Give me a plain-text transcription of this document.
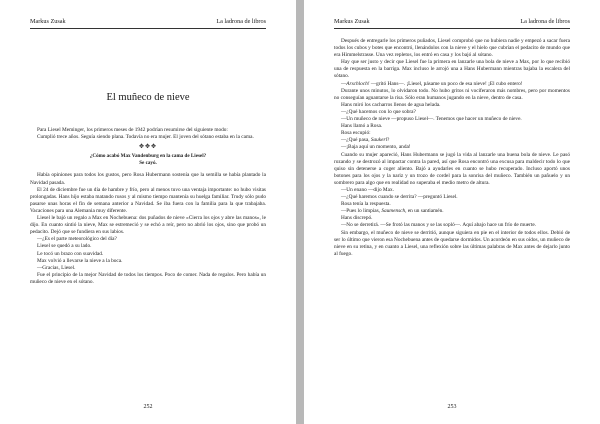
Markus Zusak	La ladrona de libros
El muñeco de nieve

Para Liesel Meminger, los primeros meses de 1942 podrían resumirse del siguiente modo:

Cumplió trece años. Seguía siendo plana. Todavía no era mujer. El joven del sótano estaba en la cama.

✥✥✥
¿Cómo acabó Max Vandenburg en la cama de Liesel?
Se cayó.

Había opiniones para todos los gustos, pero Rosa Hubermann sostenía que la semilla se había plantado la Navidad pasada.

El 24 de diciembre fue un día de hambre y frío, pero al menos tuvo una ventaja importante: no hubo visitas prolongadas. Hans hijo estaba matando rusos y al mismo tiempo mantenía su huelga familiar. Trudy sólo pudo pasarse unas horas el fin de semana anterior a Navidad. Se iba fuera con la familia para la que trabajaba. Vacaciones para una Alemania muy diferente.

Liesel le bajó un regalo a Max en Nochebuena: dos puñados de nieve «Cierra los ojos y abre las manos», le dijo. En cuanto sintió la nieve, Max se estremeció y se echó a reír, pero no abrió los ojos, sino que probó un pedacito. Dejó que se fundiera en sus labios.

—¿Es el parte meteorológico del día?

Liesel se quedó a su lado.

Le tocó un brazo con suavidad.

Max volvió a llevarse la nieve a la boca.

—Gracias, Liesel.

Fue el principio de la mejor Navidad de todos los tiempos. Poco de comer. Nada de regalos. Pero había un muñeco de nieve en el sótano.

252
Markus Zusak	La ladrona de libros

Después de entregarle los primeros puñados, Liesel comprobó que no hubiera nadie y empezó a sacar fuera todos los cubos y botes que encontró, llenándolos con la nieve y el hielo que cubrían el pedacito de mundo que era Himmelstrasse. Una vez repletos, los entró en casa y los bajó al sótano.

Hay que ser justo y decir que Liesel fue la primera en lanzarle una bola de nieve a Max, por lo que recibió una de respuesta en la barriga. Max incluso le arrojó una a Hans Hubermann mientras bajaba la escalera del sótano.

—Arschloch! —gritó Hans—. ¡Liesel, pásame un poco de esa nieve! ¡El cubo entero!

Durante unos minutos, lo olvidaron todo. No hubo gritos ni vociferaron más nombres, pero por momentos no conseguían aguantarse la risa. Sólo eran humanos jugando en la nieve, dentro de casa.

Hans miró los cacharros llenos de agua helada.

—¿Qué hacemos con lo que sobra?

—Un muñeco de nieve —propuso Liesel—. Tenemos que hacer un muñeco de nieve.

Hans llamó a Rosa.

Rosa escupió:

—¿Qué pasa, Saukerl?

—¡Baja aquí un momento, anda!

Cuando su mujer apareció, Hans Hubermann se jugó la vida al lanzarle una buena bola de nieve. Le pasó rozando y se destrozó al impactar contra la pared, así que Rosa encontró una excusa para maldecir todo lo que quiso sin detenerse a coger aliento. Bajó a ayudarles en cuanto se hubo recuperado. Incluso aportó unos botones para los ojos y la nariz y un trozo de cordel para la sonrisa del muñeco. También un pañuelo y un sombrero para algo que en realidad no superaba el medio metro de altura.

—Un enano —dijo Max.

—¿Qué haremos cuando se derrita? —preguntó Liesel.

Rosa tenía la respuesta.

—Pues lo limpias, Saumensch, en un santiamén.

Hans discrepó.

—No se derretirá. —Se frotó las manos y se las sopló—. Aquí abajo hace un frío de muerte.

Sin embargo, el muñeco de nieve se derritió, aunque siguiera en pie en el interior de todos ellos. Debió de ser lo último que vieron esa Nochebuena antes de quedarse dormidos. Un acordeón en sus oídos, un muñeco de nieve en su retina, y en cuanto a Liesel, una reflexión sobre las últimas palabras de Max antes de dejarlo junto al fuego.

253
